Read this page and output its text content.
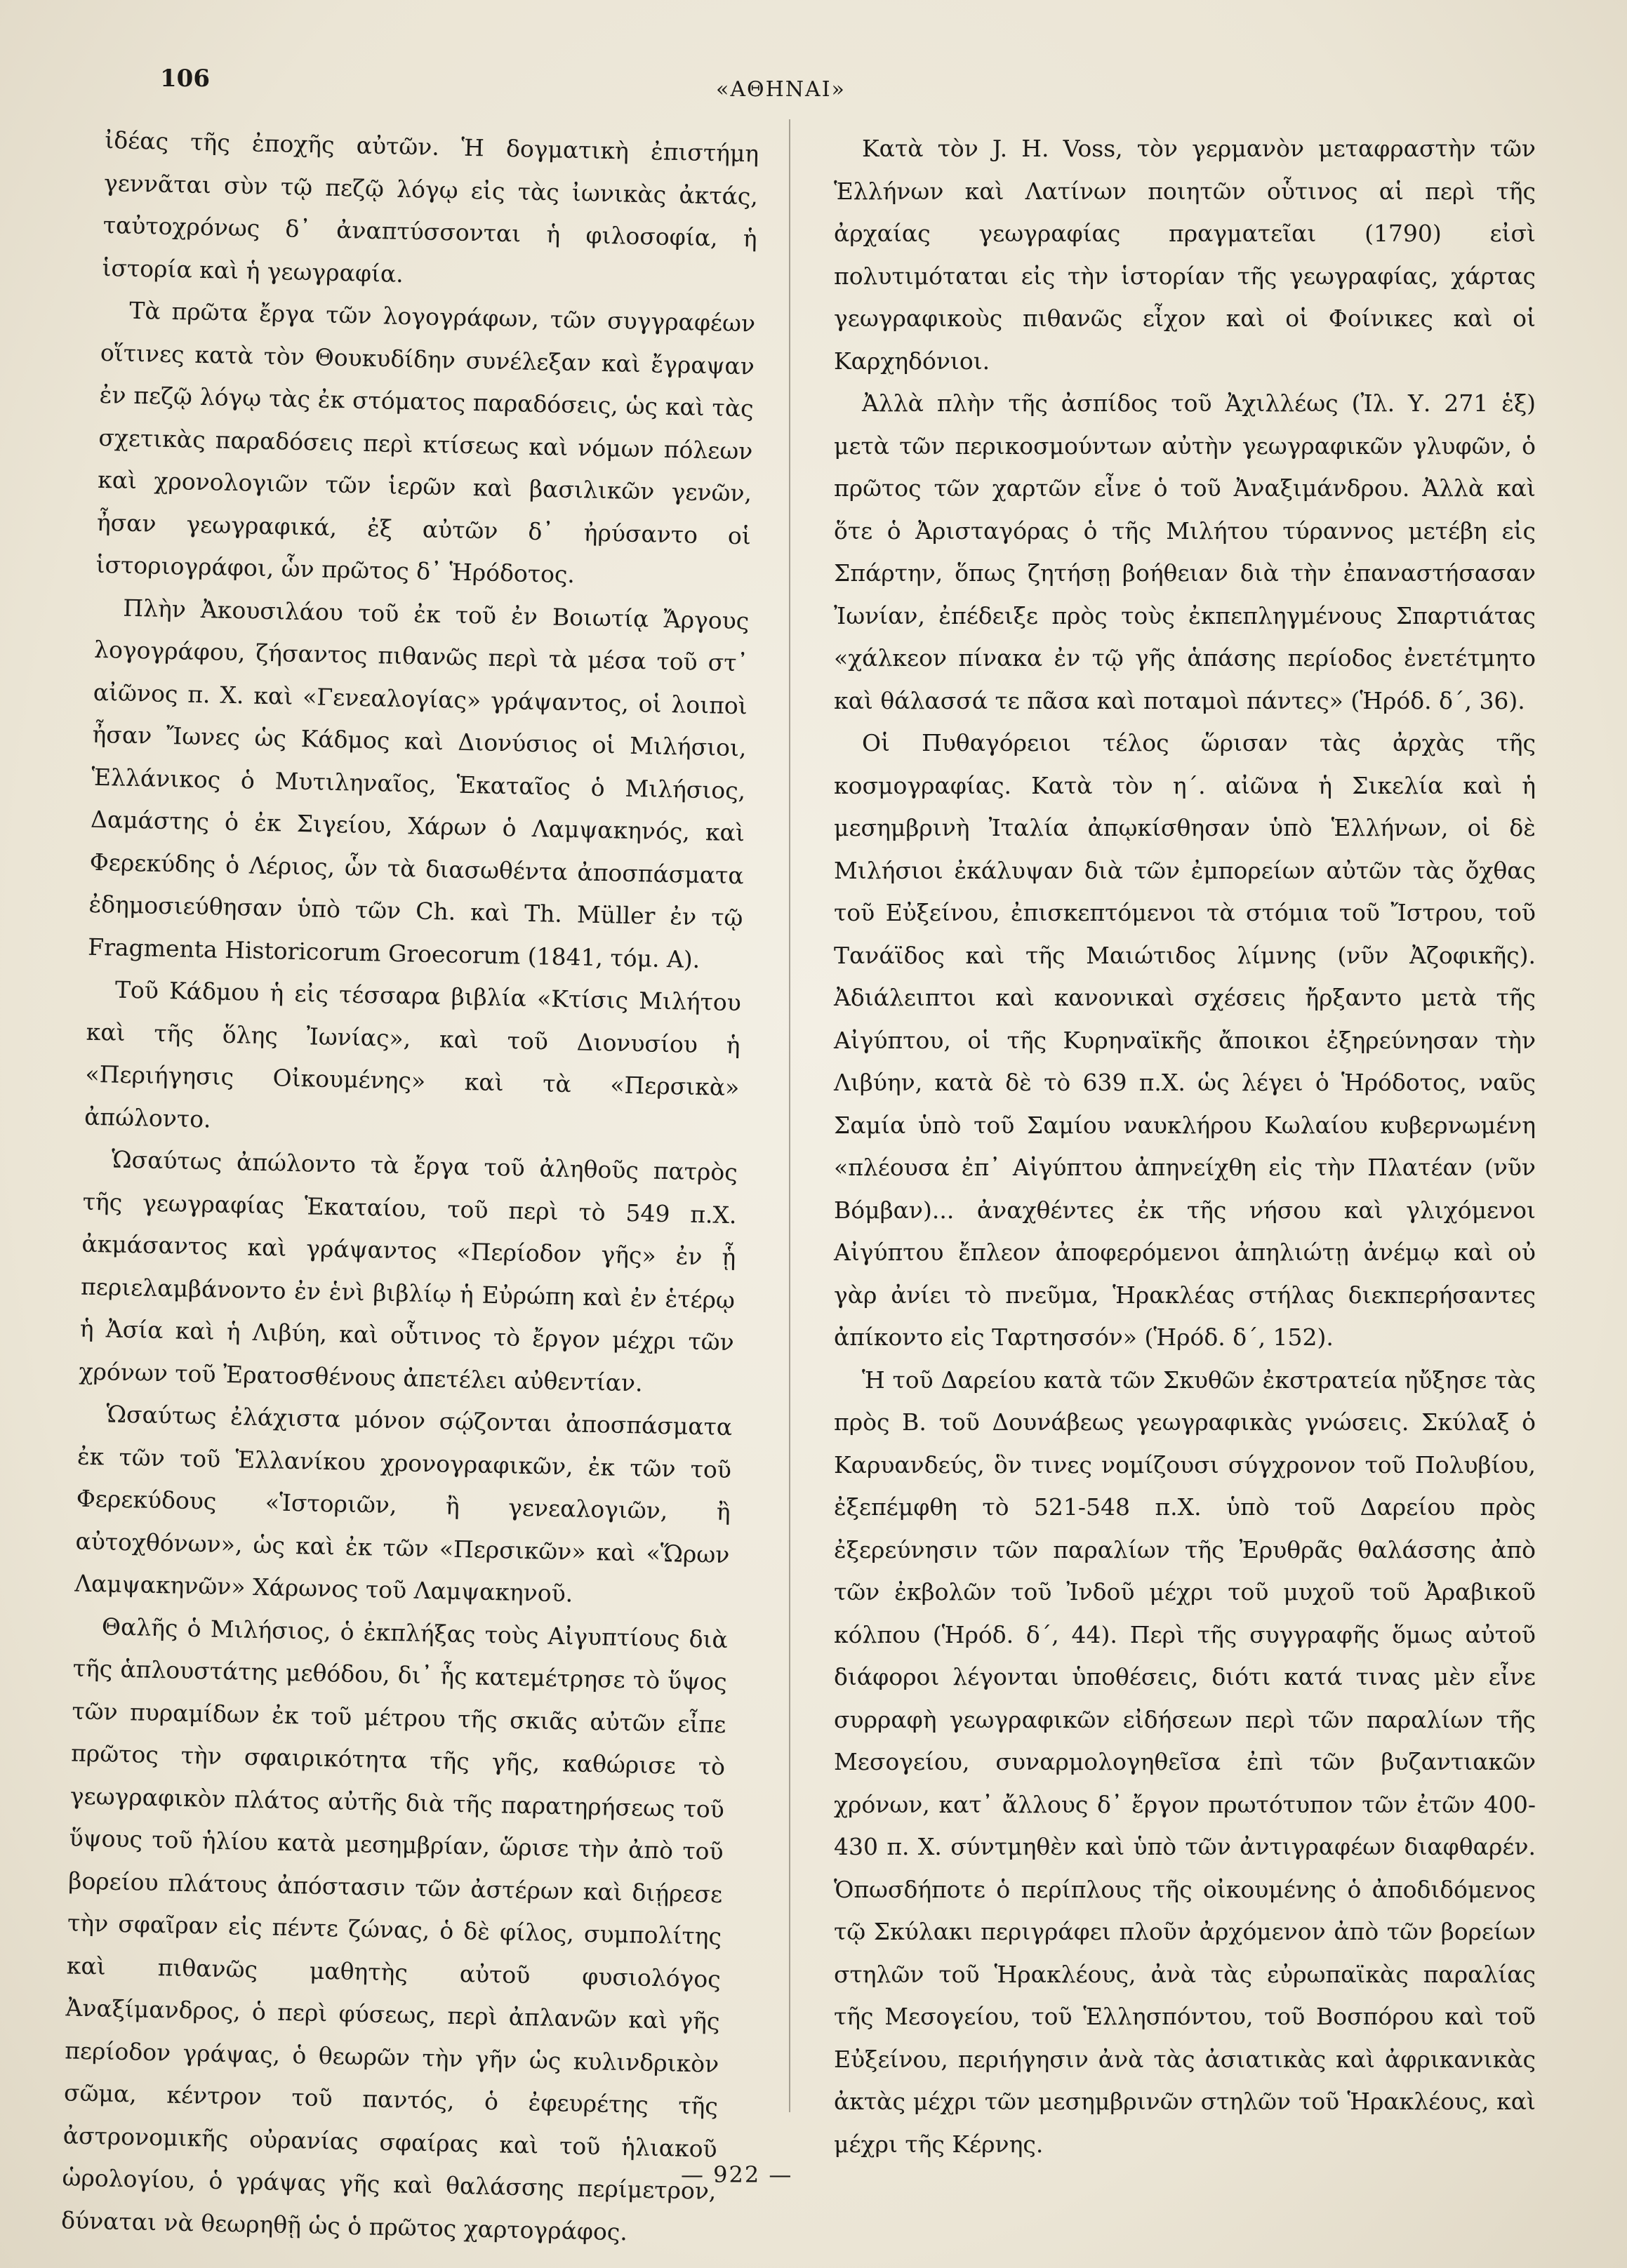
106	«ΑΘΗΝΑΙ»

ἰδέας τῆς ἐποχῆς αὐτῶν. Ἡ δογματικὴ ἐπιστήμη γεννᾶται σὺν τῷ πεζῷ λόγῳ εἰς τὰς ἰωνικὰς ἀκτάς, ταὐτοχρόνως δ᾽ ἀναπτύσσονται ἡ φιλοσοφία, ἡ ἱστορία καὶ ἡ γεωγραφία.

Τὰ πρῶτα ἔργα τῶν λογογράφων, τῶν συγγραφέων οἵτινες κατὰ τὸν Θουκυδίδην συνέλεξαν καὶ ἔγραψαν ἐν πεζῷ λόγῳ τὰς ἐκ στόματος παραδόσεις, ὡς καὶ τὰς σχετικὰς παραδόσεις περὶ κτίσεως καὶ νόμων πόλεων καὶ χρονολογιῶν τῶν ἱερῶν καὶ βασιλικῶν γενῶν, ἦσαν γεωγραφικά, ἐξ αὐτῶν δ᾽ ἠρύσαντο οἱ ἱστοριογράφοι, ὧν πρῶτος δ᾽ Ἡρόδοτος.

Πλὴν Ἀκουσιλάου τοῦ ἐκ τοῦ ἐν Βοιωτίᾳ Ἄργους λογογράφου, ζήσαντος πιθανῶς περὶ τὰ μέσα τοῦ στ᾽ αἰῶνος π. Χ. καὶ «Γενεαλογίας» γράψαντος, οἱ λοιποὶ ἦσαν Ἴωνες ὡς Κάδμος καὶ Διονύσιος οἱ Μιλήσιοι, Ἑλλάνικος ὁ Μυτιληναῖος, Ἑκαταῖος ὁ Μιλήσιος, Δαμάστης ὁ ἐκ Σιγείου, Χάρων ὁ Λαμψακηνός, καὶ Φερεκύδης ὁ Λέριος, ὧν τὰ διασωθέντα ἀποσπάσματα ἐδημοσιεύθησαν ὑπὸ τῶν Ch. καὶ Th. Müller ἐν τῷ Fragmenta Historicorum Groecorum (1841, τόμ. A).

Τοῦ Κάδμου ἡ εἰς τέσσαρα βιβλία «Κτίσις Μιλήτου καὶ τῆς ὅλης Ἰωνίας», καὶ τοῦ Διονυσίου ἡ «Περιήγησις Οἰκουμένης» καὶ τὰ «Περσικὰ» ἀπώλοντο.

Ὡσαύτως ἀπώλοντο τὰ ἔργα τοῦ ἀληθοῦς πατρὸς τῆς γεωγραφίας Ἑκαταίου, τοῦ περὶ τὸ 549 π.Χ. ἀκμάσαντος καὶ γράψαντος «Περίοδον γῆς» ἐν ᾗ περιελαμβάνοντο ἐν ἑνὶ βιβλίῳ ἡ Εὐρώπη καὶ ἐν ἑτέρῳ ἡ Ἀσία καὶ ἡ Λιβύη, καὶ οὗτινος τὸ ἔργον μέχρι τῶν χρόνων τοῦ Ἐρατοσθένους ἀπετέλει αὐθεντίαν.

Ὡσαύτως ἐλάχιστα μόνον σῴζονται ἀποσπάσματα ἐκ τῶν τοῦ Ἑλλανίκου χρονογραφικῶν, ἐκ τῶν τοῦ Φερεκύδους «Ἱστοριῶν, ἢ γενεαλογιῶν, ἢ αὐτοχθόνων», ὡς καὶ ἐκ τῶν «Περσικῶν» καὶ «Ὥρων Λαμψακηνῶν» Χάρωνος τοῦ Λαμψακηνοῦ.

Θαλῆς ὁ Μιλήσιος, ὁ ἐκπλήξας τοὺς Αἰγυπτίους διὰ τῆς ἁπλουστάτης μεθόδου, δι᾽ ἧς κατεμέτρησε τὸ ὕψος τῶν πυραμίδων ἐκ τοῦ μέτρου τῆς σκιᾶς αὐτῶν εἶπε πρῶτος τὴν σφαιρικότητα τῆς γῆς, καθώρισε τὸ γεωγραφικὸν πλάτος αὐτῆς διὰ τῆς παρατηρήσεως τοῦ ὕψους τοῦ ἡλίου κατὰ μεσημβρίαν, ὥρισε τὴν ἀπὸ τοῦ βορείου πλάτους ἀπόστασιν τῶν ἀστέρων καὶ διῄρεσε τὴν σφαῖραν εἰς πέντε ζώνας, ὁ δὲ φίλος, συμπολίτης καὶ πιθανῶς μαθητὴς αὐτοῦ φυσιολόγος Ἀναξίμανδρος, ὁ περὶ φύσεως, περὶ ἀπλανῶν καὶ γῆς περίοδον γράψας, ὁ θεωρῶν τὴν γῆν ὡς κυλινδρικὸν σῶμα, κέντρον τοῦ παντός, ὁ ἐφευρέτης τῆς ἀστρονομικῆς οὐρανίας σφαίρας καὶ τοῦ ἡλιακοῦ ὡρολογίου, ὁ γράψας γῆς καὶ θαλάσσης περίμετρον, δύναται νὰ θεωρηθῇ ὡς ὁ πρῶτος χαρτογράφος.

Κατὰ τὸν J. H. Voss, τὸν γερμανὸν μεταφραστὴν τῶν Ἑλλήνων καὶ Λατίνων ποιητῶν οὗτινος αἱ περὶ τῆς ἀρχαίας γεωγραφίας πραγματεῖαι (1790) εἰσὶ πολυτιμόταται εἰς τὴν ἱστορίαν τῆς γεωγραφίας, χάρτας γεωγραφικοὺς πιθανῶς εἶχον καὶ οἱ Φοίνικες καὶ οἱ Καρχηδόνιοι.

Ἀλλὰ πλὴν τῆς ἀσπίδος τοῦ Ἀχιλλέως (Ἰλ. Υ. 271 ἑξ) μετὰ τῶν περικοσμούντων αὐτὴν γεωγραφικῶν γλυφῶν, ὁ πρῶτος τῶν χαρτῶν εἶνε ὁ τοῦ Ἀναξιμάνδρου. Ἀλλὰ καὶ ὅτε ὁ Ἀρισταγόρας ὁ τῆς Μιλήτου τύραννος μετέβη εἰς Σπάρτην, ὅπως ζητήσῃ βοήθειαν διὰ τὴν ἐπαναστήσασαν Ἰωνίαν, ἐπέδειξε πρὸς τοὺς ἐκπεπληγμένους Σπαρτιάτας «χάλκεον πίνακα ἐν τῷ γῆς ἁπάσης περίοδος ἐνετέτμητο καὶ θάλασσά τε πᾶσα καὶ ποταμοὶ πάντες» (Ἡρόδ. δ΄, 36).

Οἱ Πυθαγόρειοι τέλος ὥρισαν τὰς ἀρχὰς τῆς κοσμογραφίας. Κατὰ τὸν η΄. αἰῶνα ἡ Σικελία καὶ ἡ μεσημβρινὴ Ἰταλία ἀπῳκίσθησαν ὑπὸ Ἑλλήνων, οἱ δὲ Μιλήσιοι ἐκάλυψαν διὰ τῶν ἐμπορείων αὐτῶν τὰς ὄχθας τοῦ Εὐξείνου, ἐπισκεπτόμενοι τὰ στόμια τοῦ Ἴστρου, τοῦ Τανάϊδος καὶ τῆς Μαιώτιδος λίμνης (νῦν Ἀζοφικῆς). Ἀδιάλειπτοι καὶ κανονικαὶ σχέσεις ἤρξαντο μετὰ τῆς Αἰγύπτου, οἱ τῆς Κυρηναϊκῆς ἄποικοι ἐξηρεύνησαν τὴν Λιβύην, κατὰ δὲ τὸ 639 π.Χ. ὡς λέγει ὁ Ἡρόδοτος, ναῦς Σαμία ὑπὸ τοῦ Σαμίου ναυκλήρου Κωλαίου κυβερνωμένη «πλέουσα ἐπ᾽ Αἰγύπτου ἀπηνείχθη εἰς τὴν Πλατέαν (νῦν Βόμβαν)... ἀναχθέντες ἐκ τῆς νήσου καὶ γλιχόμενοι Αἰγύπτου ἔπλεον ἀποφερόμενοι ἀπηλιώτῃ ἀνέμῳ καὶ οὐ γὰρ ἀνίει τὸ πνεῦμα, Ἡρακλέας στήλας διεκπερήσαντες ἀπίκοντο εἰς Ταρτησσόν» (Ἡρόδ. δ΄, 152).

Ἡ τοῦ Δαρείου κατὰ τῶν Σκυθῶν ἐκστρατεία ηὔξησε τὰς πρὸς Β. τοῦ Δουνάβεως γεωγραφικὰς γνώσεις. Σκύλαξ ὁ Καρυανδεύς, ὃν τινες νομίζουσι σύγχρονον τοῦ Πολυβίου, ἐξεπέμφθη τὸ 521-548 π.Χ. ὑπὸ τοῦ Δαρείου πρὸς ἐξερεύνησιν τῶν παραλίων τῆς Ἐρυθρᾶς θαλάσσης ἀπὸ τῶν ἐκβολῶν τοῦ Ἰνδοῦ μέχρι τοῦ μυχοῦ τοῦ Ἀραβικοῦ κόλπου (Ἡρόδ. δ΄, 44). Περὶ τῆς συγγραφῆς ὅμως αὐτοῦ διάφοροι λέγονται ὑποθέσεις, διότι κατά τινας μὲν εἶνε συρραφὴ γεωγραφικῶν εἰδήσεων περὶ τῶν παραλίων τῆς Μεσογείου, συναρμολογηθεῖσα ἐπὶ τῶν βυζαντιακῶν χρόνων, κατ᾽ ἄλλους δ᾽ ἔργον πρωτότυπον τῶν ἐτῶν 400-430 π. Χ. σύντμηθὲν καὶ ὑπὸ τῶν ἀντιγραφέων διαφθαρέν. Ὁπωσδήποτε ὁ περίπλους τῆς οἰκουμένης ὁ ἀποδιδόμενος τῷ Σκύλακι περιγράφει πλοῦν ἀρχόμενον ἀπὸ τῶν βορείων στηλῶν τοῦ Ἡρακλέους, ἀνὰ τὰς εὐρωπαϊκὰς παραλίας τῆς Μεσογείου, τοῦ Ἑλλησπόντου, τοῦ Βοσπόρου καὶ τοῦ Εὐξείνου, περιήγησιν ἀνὰ τὰς ἀσιατικὰς καὶ ἀφρικανικὰς ἀκτὰς μέχρι τῶν μεσημβρινῶν στηλῶν τοῦ Ἡρακλέους, καὶ μέχρι τῆς Κέρνης.

— 922 —
